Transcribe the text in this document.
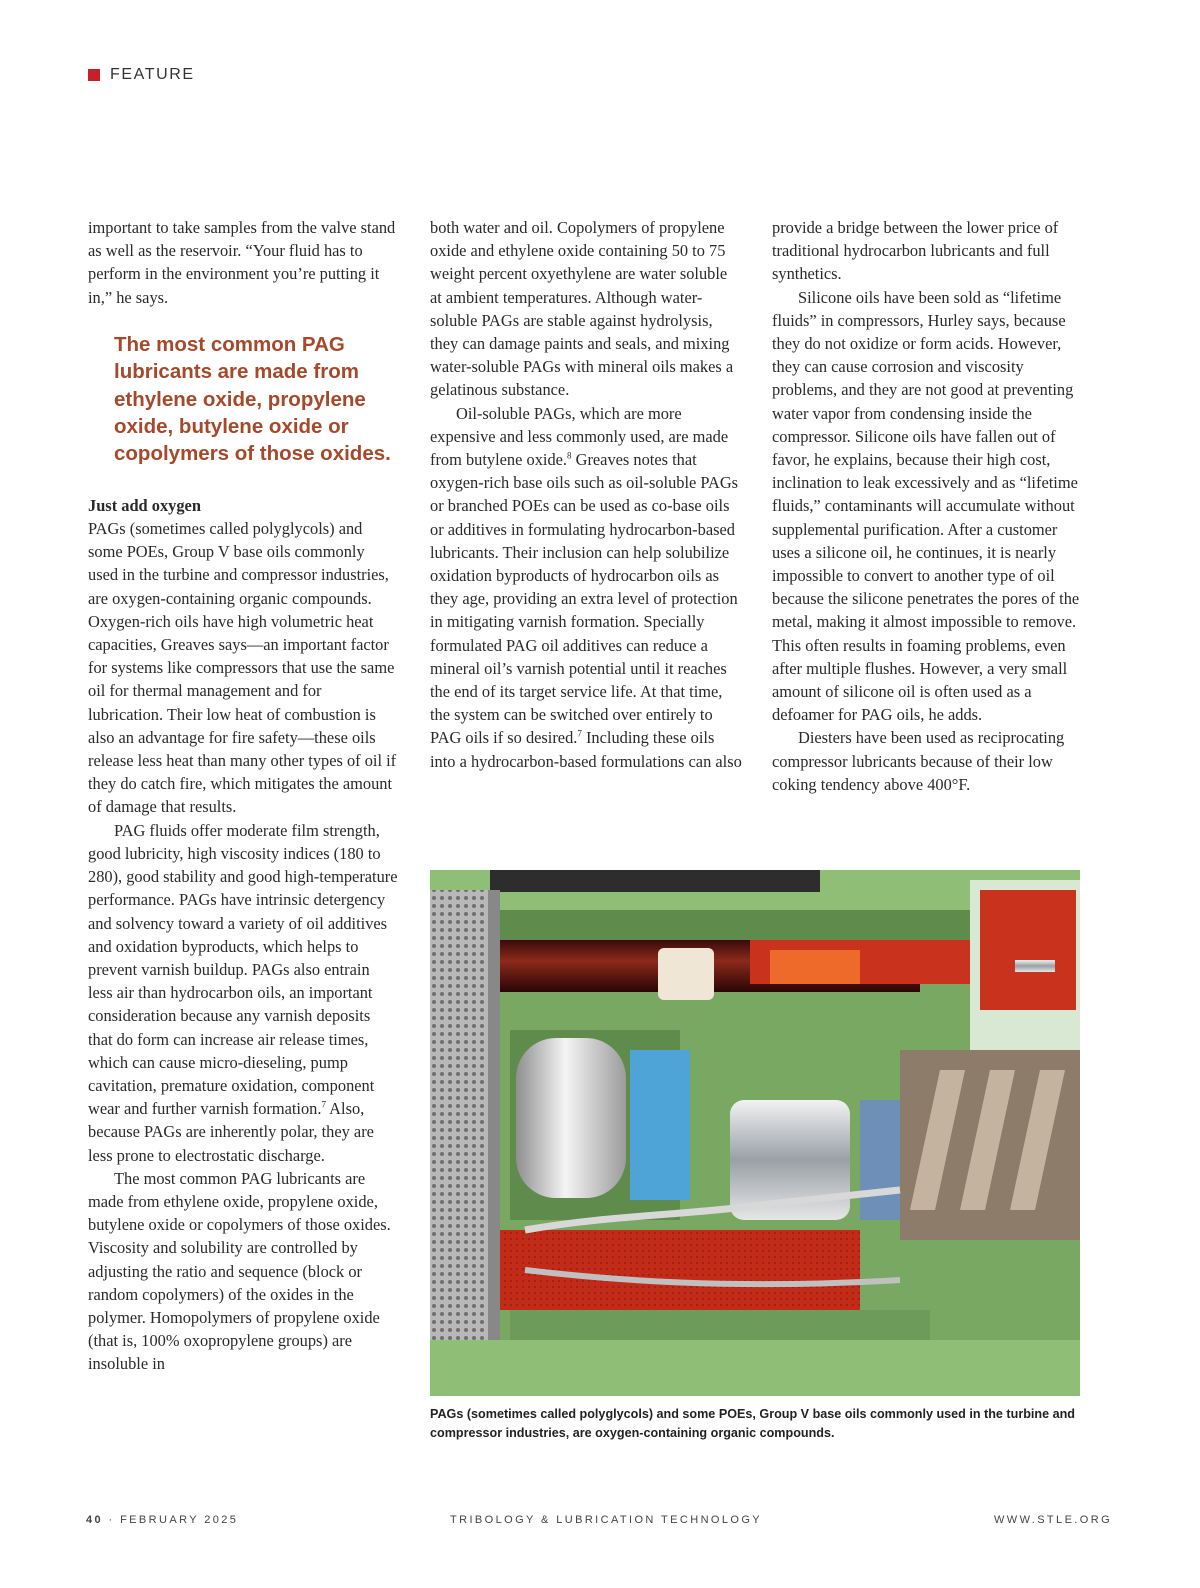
FEATURE

important to take samples from the valve stand as well as the reservoir. “Your fluid has to perform in the environment you’re putting it in,” he says.

The most common PAG lubricants are made from ethylene oxide, propylene oxide, butylene oxide or copolymers of those oxides.

Just add oxygen

PAGs (sometimes called polyglycols) and some POEs, Group V base oils commonly used in the turbine and compressor industries, are oxygen-containing organic compounds. Oxygen-rich oils have high volumetric heat capacities, Greaves says—an important factor for systems like compressors that use the same oil for thermal management and for lubrication. Their low heat of combustion is also an advantage for fire safety—these oils release less heat than many other types of oil if they do catch fire, which mitigates the amount of damage that results.

PAG fluids offer moderate film strength, good lubricity, high viscosity indices (180 to 280), good stability and good high-temperature performance. PAGs have intrinsic detergency and solvency toward a variety of oil additives and oxidation byproducts, which helps to prevent varnish buildup. PAGs also entrain less air than hydrocarbon oils, an important consideration because any varnish deposits that do form can increase air release times, which can cause micro-dieseling, pump cavitation, premature oxidation, component wear and further varnish formation.$^7$ Also, because PAGs are inherently polar, they are less prone to electrostatic discharge.

The most common PAG lubricants are made from ethylene oxide, propylene oxide, butylene oxide or copolymers of those oxides. Viscosity and solubility are controlled by adjusting the ratio and sequence (block or random copolymers) of the oxides in the polymer. Homopolymers of propylene oxide (that is, 100% oxopropylene groups) are insoluble in

both water and oil. Copolymers of propylene oxide and ethylene oxide containing 50 to 75 weight percent oxyethylene are water soluble at ambient temperatures. Although water-soluble PAGs are stable against hydrolysis, they can damage paints and seals, and mixing water-soluble PAGs with mineral oils makes a gelatinous substance.

Oil-soluble PAGs, which are more expensive and less commonly used, are made from butylene oxide.$^8$ Greaves notes that oxygen-rich base oils such as oil-soluble PAGs or branched POEs can be used as co-base oils or additives in formulating hydrocarbon-based lubricants. Their inclusion can help solubilize oxidation byproducts of hydrocarbon oils as they age, providing an extra level of protection in mitigating varnish formation. Specially formulated PAG oil additives can reduce a mineral oil’s varnish potential until it reaches the end of its target service life. At that time, the system can be switched over entirely to PAG oils if so desired.$^7$ Including these oils into a hydrocarbon-based formulations can also

provide a bridge between the lower price of traditional hydrocarbon lubricants and full synthetics.

Silicone oils have been sold as “lifetime fluids” in compressors, Hurley says, because they do not oxidize or form acids. However, they can cause corrosion and viscosity problems, and they are not good at preventing water vapor from condensing inside the compressor. Silicone oils have fallen out of favor, he explains, because their high cost, inclination to leak excessively and as “lifetime fluids,” contaminants will accumulate without supplemental purification. After a customer uses a silicone oil, he continues, it is nearly impossible to convert to another type of oil because the silicone penetrates the pores of the metal, making it almost impossible to remove. This often results in foaming problems, even after multiple flushes. However, a very small amount of silicone oil is often used as a defoamer for PAG oils, he adds.

Diesters have been used as reciprocating compressor lubricants because of their low coking tendency above 400°F.

PAGs (sometimes called polyglycols) and some POEs, Group V base oils commonly used in the turbine and compressor industries, are oxygen-containing organic compounds.
40 · FEBRUARY 2025	TRIBOLOGY & LUBRICATION TECHNOLOGY	WWW.STLE.ORG
